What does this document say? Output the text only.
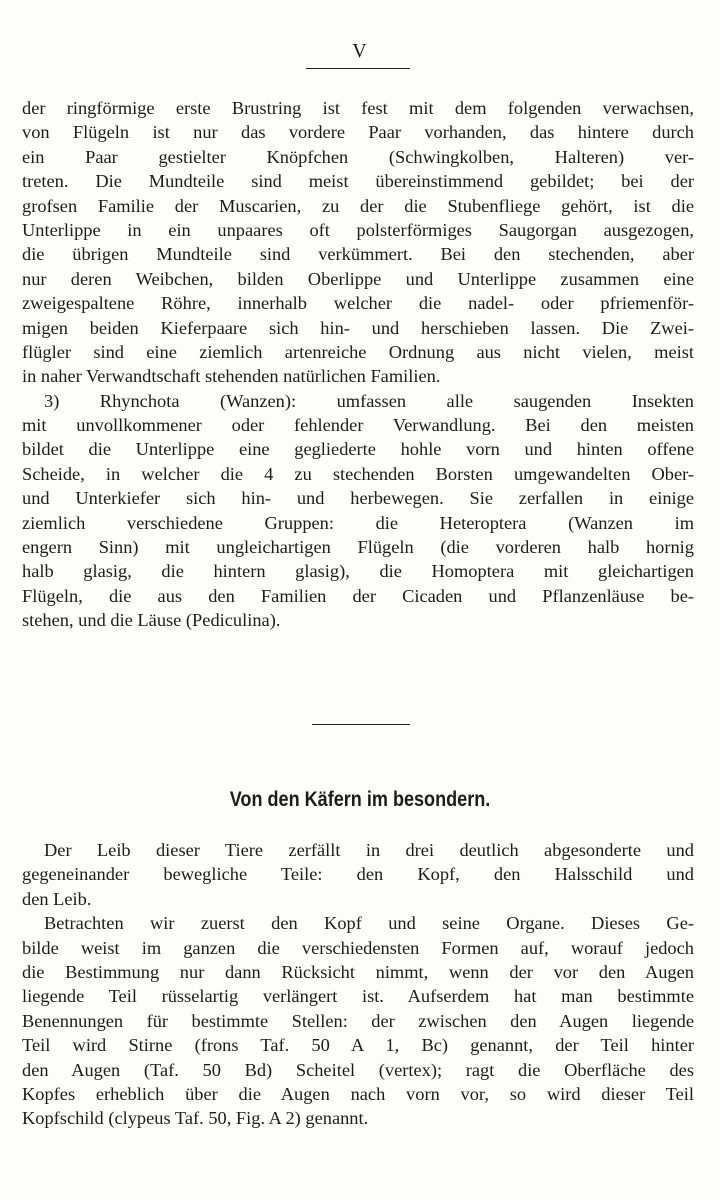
V
der ringförmige erste Brustring ist fest mit dem folgenden verwachsen,
von Flügeln ist nur das vordere Paar vorhanden, das hintere durch
ein Paar gestielter Knöpfchen (Schwingkolben, Halteren) ver-
treten. Die Mundteile sind meist übereinstimmend gebildet; bei der
grofsen Familie der Muscarien, zu der die Stubenfliege gehört, ist die
Unterlippe in ein unpaares oft polsterförmiges Saugorgan ausgezogen,
die übrigen Mundteile sind verkümmert. Bei den stechenden, aber
nur deren Weibchen, bilden Oberlippe und Unterlippe zusammen eine
zweigespaltene Röhre, innerhalb welcher die nadel- oder pfriemenför-
migen beiden Kieferpaare sich hin- und herschieben lassen. Die Zwei-
flügler sind eine ziemlich artenreiche Ordnung aus nicht vielen, meist
in naher Verwandtschaft stehenden natürlichen Familien.
3) Rhynchota (Wanzen): umfassen alle saugenden Insekten
mit unvollkommener oder fehlender Verwandlung. Bei den meisten
bildet die Unterlippe eine gegliederte hohle vorn und hinten offene
Scheide, in welcher die 4 zu stechenden Borsten umgewandelten Ober-
und Unterkiefer sich hin- und herbewegen. Sie zerfallen in einige
ziemlich verschiedene Gruppen: die Heteroptera (Wanzen im
engern Sinn) mit ungleichartigen Flügeln (die vorderen halb hornig
halb glasig, die hintern glasig), die Homoptera mit gleichartigen
Flügeln, die aus den Familien der Cicaden und Pflanzenläuse be-
stehen, und die Läuse (Pediculina).
Von den Käfern im besondern.
Der Leib dieser Tiere zerfällt in drei deutlich abgesonderte und
gegeneinander bewegliche Teile: den Kopf, den Halsschild und
den Leib.
Betrachten wir zuerst den Kopf und seine Organe. Dieses Ge-
bilde weist im ganzen die verschiedensten Formen auf, worauf jedoch
die Bestimmung nur dann Rücksicht nimmt, wenn der vor den Augen
liegende Teil rüsselartig verlängert ist. Aufserdem hat man bestimmte
Benennungen für bestimmte Stellen: der zwischen den Augen liegende
Teil wird Stirne (frons Taf. 50 A 1, Bc) genannt, der Teil hinter
den Augen (Taf. 50 Bd) Scheitel (vertex); ragt die Oberfläche des
Kopfes erheblich über die Augen nach vorn vor, so wird dieser Teil
Kopfschild (clypeus Taf. 50, Fig. A 2) genannt.
